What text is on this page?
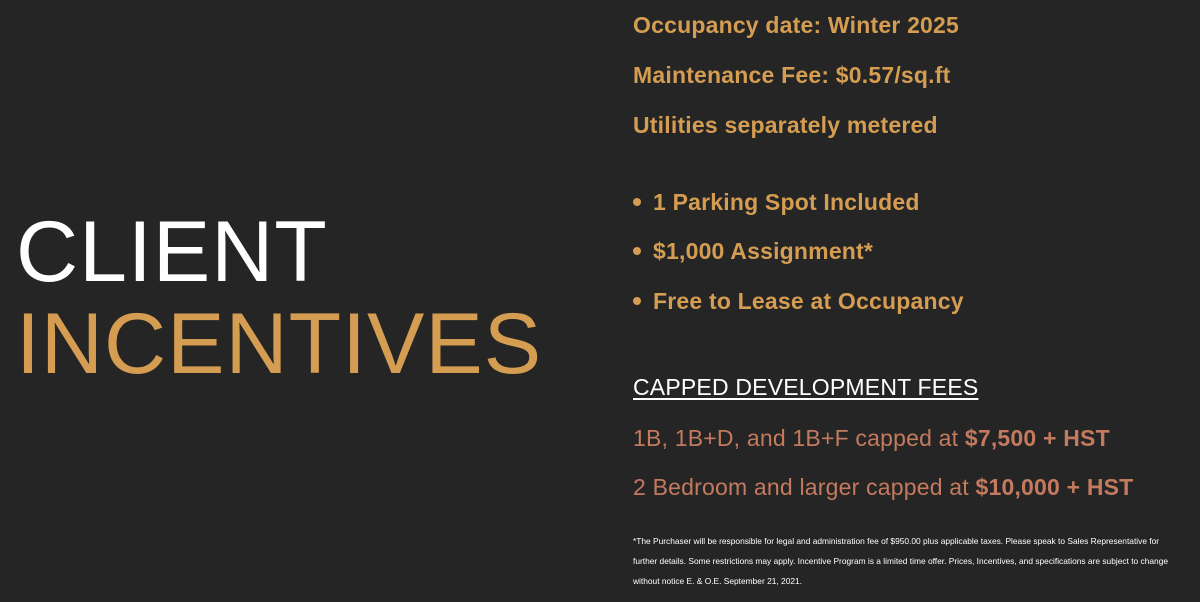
CLIENT
INCENTIVES
Occupancy date: Winter 2025
Maintenance Fee: $0.57/sq.ft
Utilities separately metered
1 Parking Spot Included
$1,000 Assignment*
Free to Lease at Occupancy
CAPPED DEVELOPMENT FEES
1B, 1B+D, and 1B+F capped at $7,500 + HST
2 Bedroom and larger capped at $10,000 + HST
*The Purchaser will be responsible for legal and administration fee of $950.00 plus applicable taxes. Please speak to Sales Representative for further details. Some restrictions may apply. Incentive Program is a limited time offer. Prices, Incentives, and specifications are subject to change without notice E. & O.E. September 21, 2021.
